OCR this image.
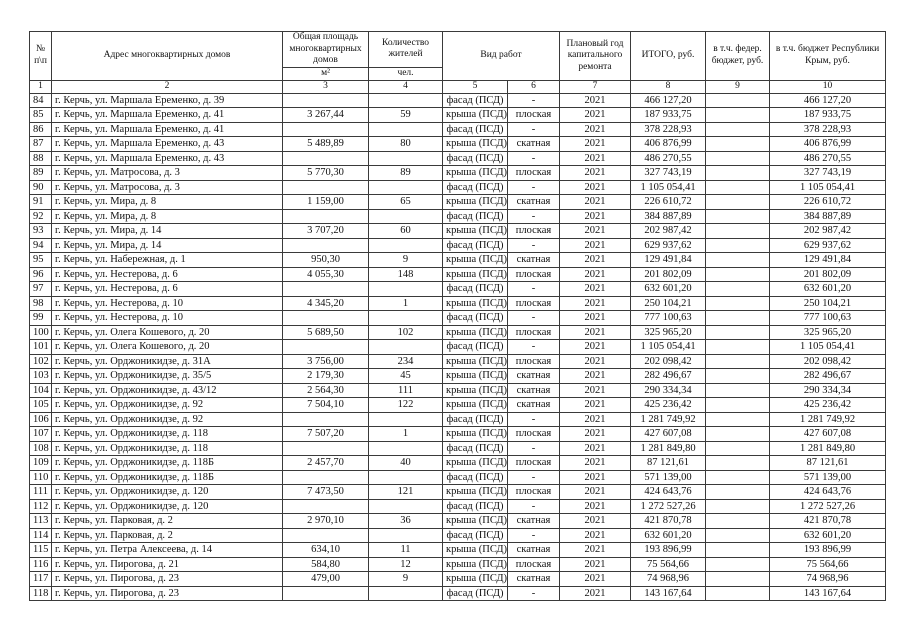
№ п\п	Адрес многоквартирных домов	Общая площадь многоквартирных домов	Количество жителей	Вид работ		Плановый год капитального ремонта	ИТОГО, руб.	в т.ч. федер. бюджет, руб.	в т.ч. бюджет Республики Крым, руб.
		м²	чел.						
1	2	3	4	5	6	7	8	9	10
84	г. Керчь, ул. Маршала Еременко, д. 39			фасад (ПСД)	-	2021	466 127,20		466 127,20
85	г. Керчь, ул. Маршала Еременко, д. 41	3 267,44	59	крыша (ПСД)	плоская	2021	187 933,75		187 933,75
86	г. Керчь, ул. Маршала Еременко, д. 41			фасад (ПСД)	-	2021	378 228,93		378 228,93
87	г. Керчь, ул. Маршала Еременко, д. 43	5 489,89	80	крыша (ПСД)	скатная	2021	406 876,99		406 876,99
88	г. Керчь, ул. Маршала Еременко, д. 43			фасад (ПСД)	-	2021	486 270,55		486 270,55
89	г. Керчь, ул. Матросова, д. 3	5 770,30	89	крыша (ПСД)	плоская	2021	327 743,19		327 743,19
90	г. Керчь, ул. Матросова, д. 3			фасад (ПСД)	-	2021	1 105 054,41		1 105 054,41
91	г. Керчь, ул. Мира, д. 8	1 159,00	65	крыша (ПСД)	скатная	2021	226 610,72		226 610,72
92	г. Керчь, ул. Мира, д. 8			фасад (ПСД)	-	2021	384 887,89		384 887,89
93	г. Керчь, ул. Мира, д. 14	3 707,20	60	крыша (ПСД)	плоская	2021	202 987,42		202 987,42
94	г. Керчь, ул. Мира, д. 14			фасад (ПСД)	-	2021	629 937,62		629 937,62
95	г. Керчь, ул. Набережная, д. 1	950,30	9	крыша (ПСД)	скатная	2021	129 491,84		129 491,84
96	г. Керчь, ул. Нестерова, д. 6	4 055,30	148	крыша (ПСД)	плоская	2021	201 802,09		201 802,09
97	г. Керчь, ул. Нестерова, д. 6			фасад (ПСД)	-	2021	632 601,20		632 601,20
98	г. Керчь, ул. Нестерова, д. 10	4 345,20	1	крыша (ПСД)	плоская	2021	250 104,21		250 104,21
99	г. Керчь, ул. Нестерова, д. 10			фасад (ПСД)	-	2021	777 100,63		777 100,63
100	г. Керчь, ул. Олега Кошевого, д. 20	5 689,50	102	крыша (ПСД)	плоская	2021	325 965,20		325 965,20
101	г. Керчь, ул. Олега Кошевого, д. 20			фасад (ПСД)	-	2021	1 105 054,41		1 105 054,41
102	г. Керчь, ул. Орджоникидзе, д. 31А	3 756,00	234	крыша (ПСД)	плоская	2021	202 098,42		202 098,42
103	г. Керчь, ул. Орджоникидзе, д. 35/5	2 179,30	45	крыша (ПСД)	скатная	2021	282 496,67		282 496,67
104	г. Керчь, ул. Орджоникидзе, д. 43/12	2 564,30	111	крыша (ПСД)	скатная	2021	290 334,34		290 334,34
105	г. Керчь, ул. Орджоникидзе, д. 92	7 504,10	122	крыша (ПСД)	скатная	2021	425 236,42		425 236,42
106	г. Керчь, ул. Орджоникидзе, д. 92			фасад (ПСД)	-	2021	1 281 749,92		1 281 749,92
107	г. Керчь, ул. Орджоникидзе, д. 118	7 507,20	1	крыша (ПСД)	плоская	2021	427 607,08		427 607,08
108	г. Керчь, ул. Орджоникидзе, д. 118			фасад (ПСД)	-	2021	1 281 849,80		1 281 849,80
109	г. Керчь, ул. Орджоникидзе, д. 118Б	2 457,70	40	крыша (ПСД)	плоская	2021	87 121,61		87 121,61
110	г. Керчь, ул. Орджоникидзе, д. 118Б			фасад (ПСД)	-	2021	571 139,00		571 139,00
111	г. Керчь, ул. Орджоникидзе, д. 120	7 473,50	121	крыша (ПСД)	плоская	2021	424 643,76		424 643,76
112	г. Керчь, ул. Орджоникидзе, д. 120			фасад (ПСД)	-	2021	1 272 527,26		1 272 527,26
113	г. Керчь, ул. Парковая, д. 2	2 970,10	36	крыша (ПСД)	скатная	2021	421 870,78		421 870,78
114	г. Керчь, ул. Парковая, д. 2			фасад (ПСД)	-	2021	632 601,20		632 601,20
115	г. Керчь, ул. Петра Алексеева, д. 14	634,10	11	крыша (ПСД)	скатная	2021	193 896,99		193 896,99
116	г. Керчь, ул. Пирогова, д. 21	584,80	12	крыша (ПСД)	плоская	2021	75 564,66		75 564,66
117	г. Керчь, ул. Пирогова, д. 23	479,00	9	крыша (ПСД)	скатная	2021	74 968,96		74 968,96
118	г. Керчь, ул. Пирогова, д. 23			фасад (ПСД)	-	2021	143 167,64		143 167,64
